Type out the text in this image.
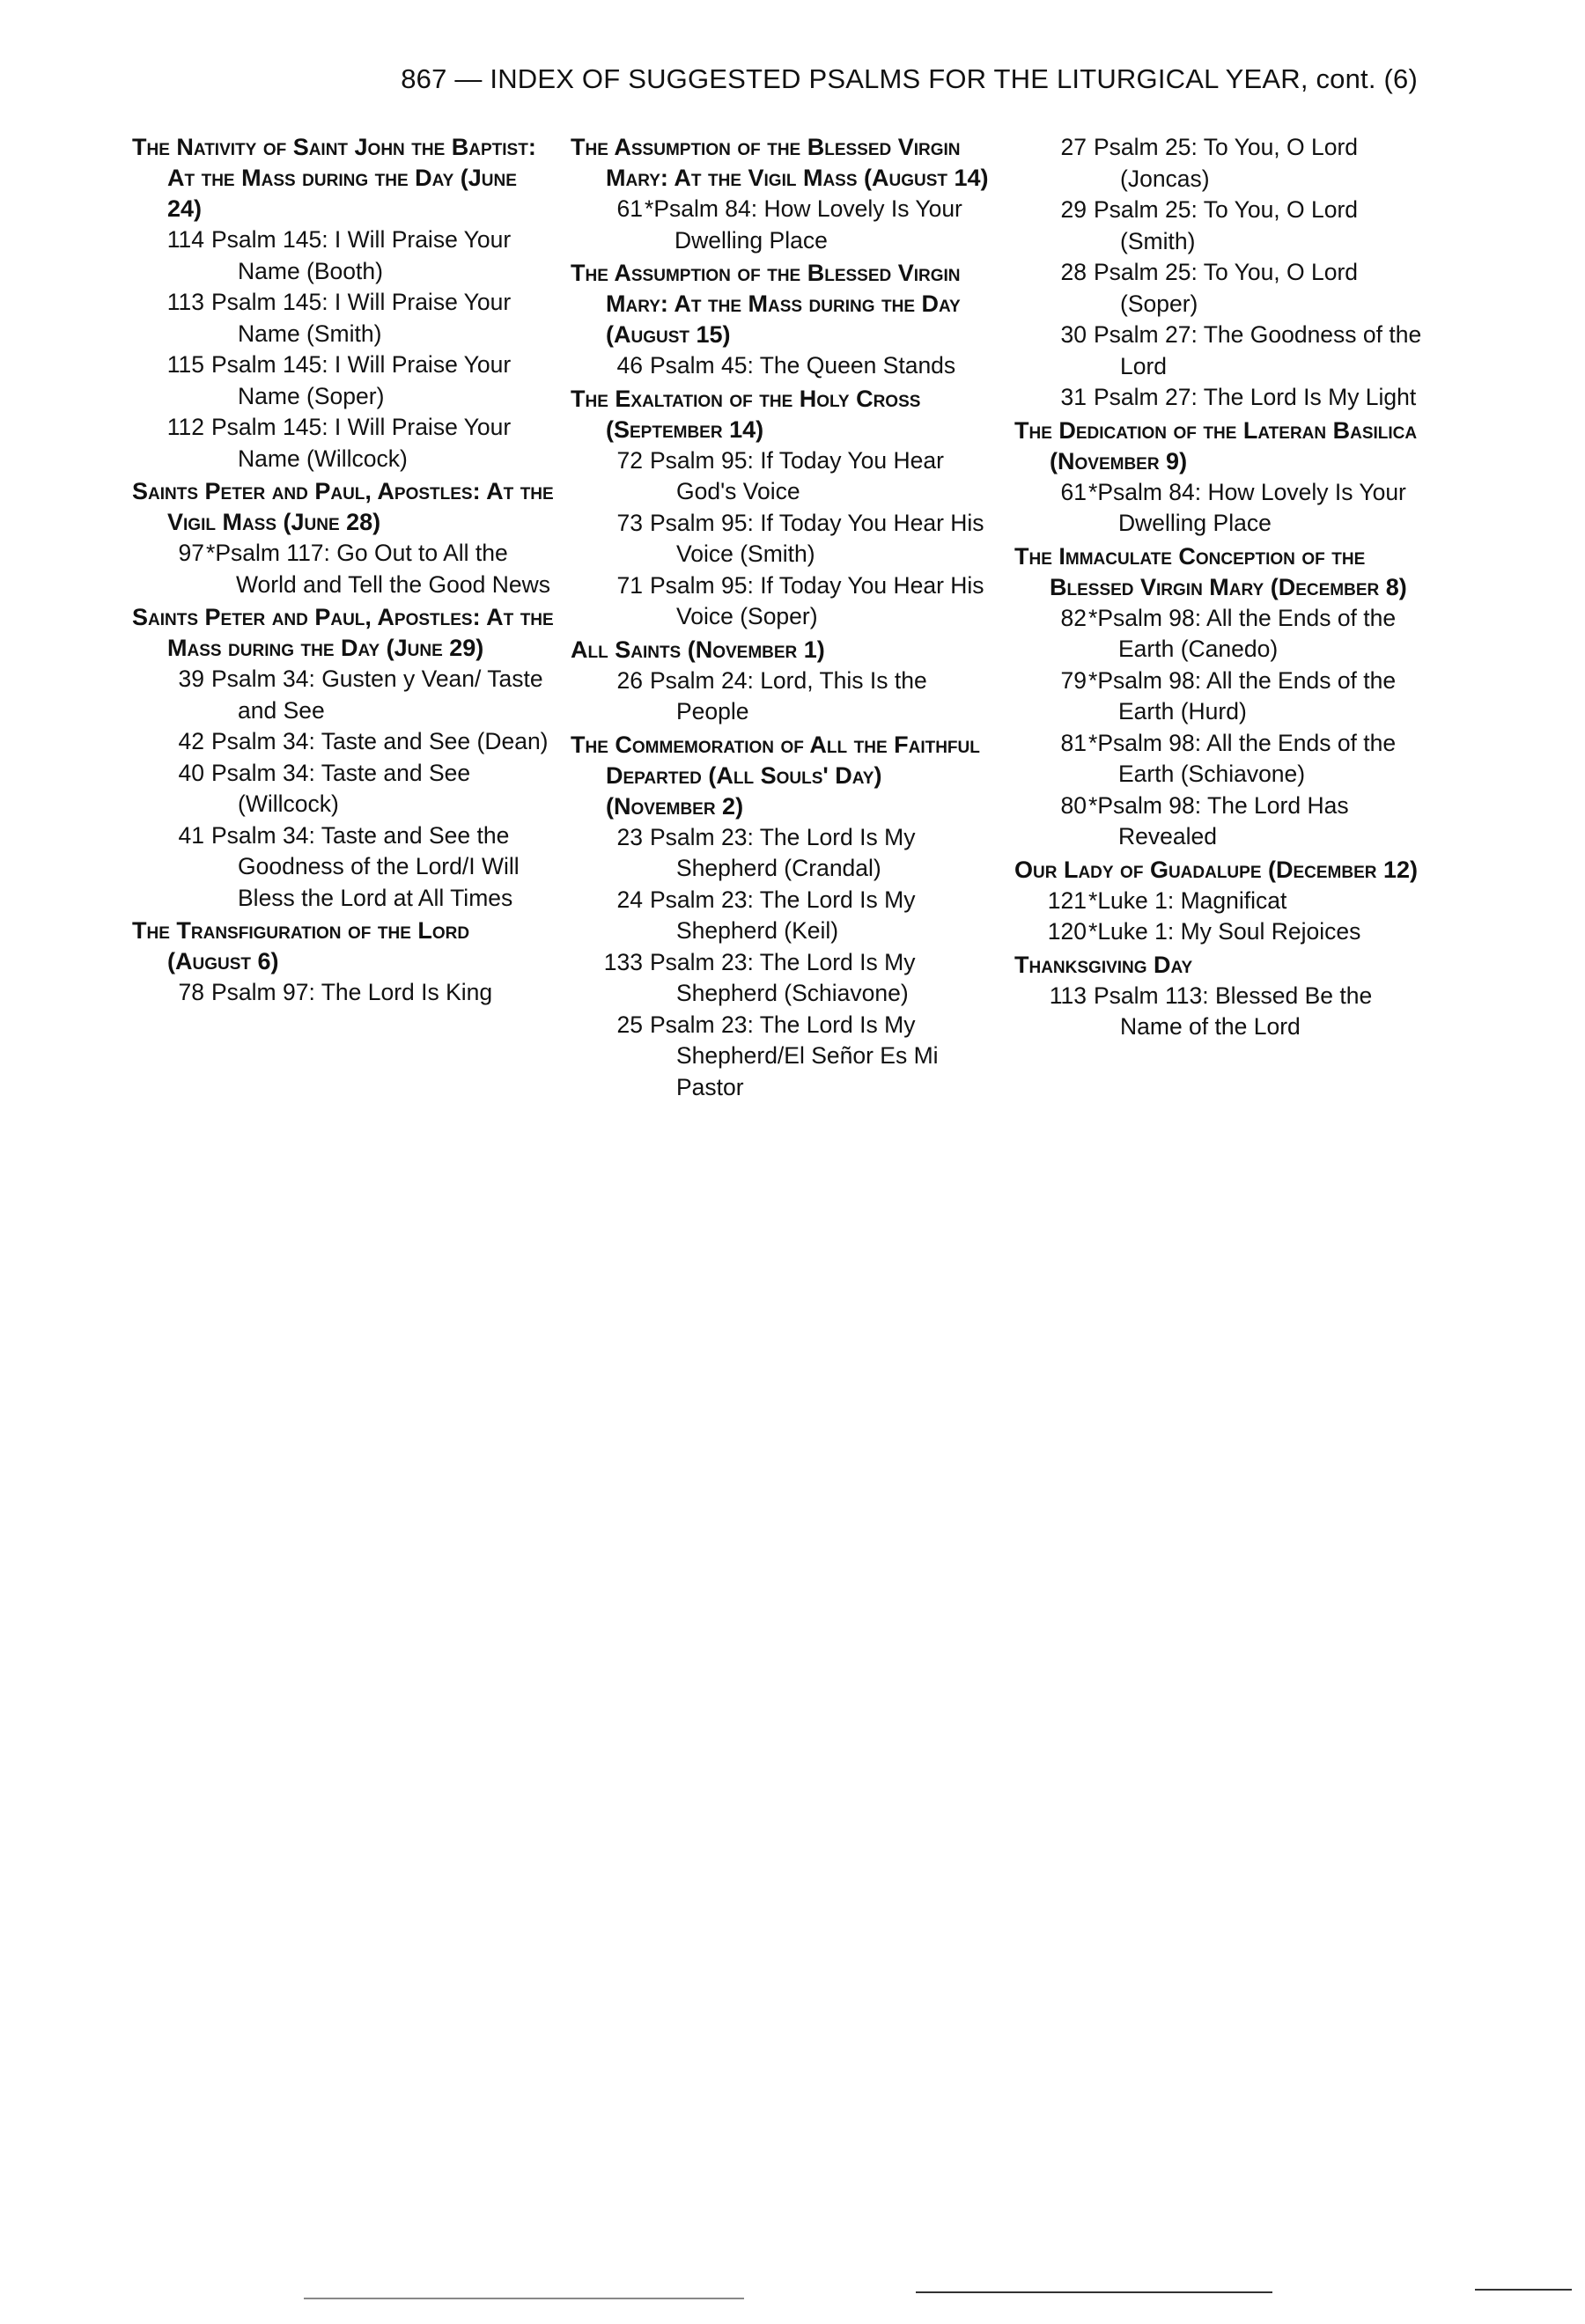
867 — INDEX OF SUGGESTED PSALMS FOR THE LITURGICAL YEAR, cont. (6)
The Nativity of Saint John the Baptist: At the Mass during the Day (June 24)
114 Psalm 145: I Will Praise Your Name (Booth)
113 Psalm 145: I Will Praise Your Name (Smith)
115 Psalm 145: I Will Praise Your Name (Soper)
112 Psalm 145: I Will Praise Your Name (Willcock)
Saints Peter and Paul, Apostles: At the Vigil Mass (June 28)
97 *Psalm 117: Go Out to All the World and Tell the Good News
Saints Peter and Paul, Apostles: At the Mass during the Day (June 29)
39 Psalm 34: Gusten y Vean/ Taste and See
42 Psalm 34: Taste and See (Dean)
40 Psalm 34: Taste and See (Willcock)
41 Psalm 34: Taste and See the Goodness of the Lord/I Will Bless the Lord at All Times
The Transfiguration of the Lord (August 6)
78 Psalm 97: The Lord Is King
The Assumption of the Blessed Virgin Mary: At the Vigil Mass (August 14)
61 *Psalm 84: How Lovely Is Your Dwelling Place
The Assumption of the Blessed Virgin Mary: At the Mass during the Day (August 15)
46 Psalm 45: The Queen Stands
The Exaltation of the Holy Cross (September 14)
72 Psalm 95: If Today You Hear God's Voice
73 Psalm 95: If Today You Hear His Voice (Smith)
71 Psalm 95: If Today You Hear His Voice (Soper)
All Saints (November 1)
26 Psalm 24: Lord, This Is the People
The Commemoration of All the Faithful Departed (All Souls' Day) (November 2)
23 Psalm 23: The Lord Is My Shepherd (Crandal)
24 Psalm 23: The Lord Is My Shepherd (Keil)
133 Psalm 23: The Lord Is My Shepherd (Schiavone)
25 Psalm 23: The Lord Is My Shepherd/El Señor Es Mi Pastor
27 Psalm 25: To You, O Lord (Joncas)
29 Psalm 25: To You, O Lord (Smith)
28 Psalm 25: To You, O Lord (Soper)
30 Psalm 27: The Goodness of the Lord
31 Psalm 27: The Lord Is My Light
The Dedication of the Lateran Basilica (November 9)
61 *Psalm 84: How Lovely Is Your Dwelling Place
The Immaculate Conception of the Blessed Virgin Mary (December 8)
82 *Psalm 98: All the Ends of the Earth (Canedo)
79 *Psalm 98: All the Ends of the Earth (Hurd)
81 *Psalm 98: All the Ends of the Earth (Schiavone)
80 *Psalm 98: The Lord Has Revealed
Our Lady of Guadalupe (December 12)
121 *Luke 1: Magnificat
120 *Luke 1: My Soul Rejoices
Thanksgiving Day
113 Psalm 113: Blessed Be the Name of the Lord
